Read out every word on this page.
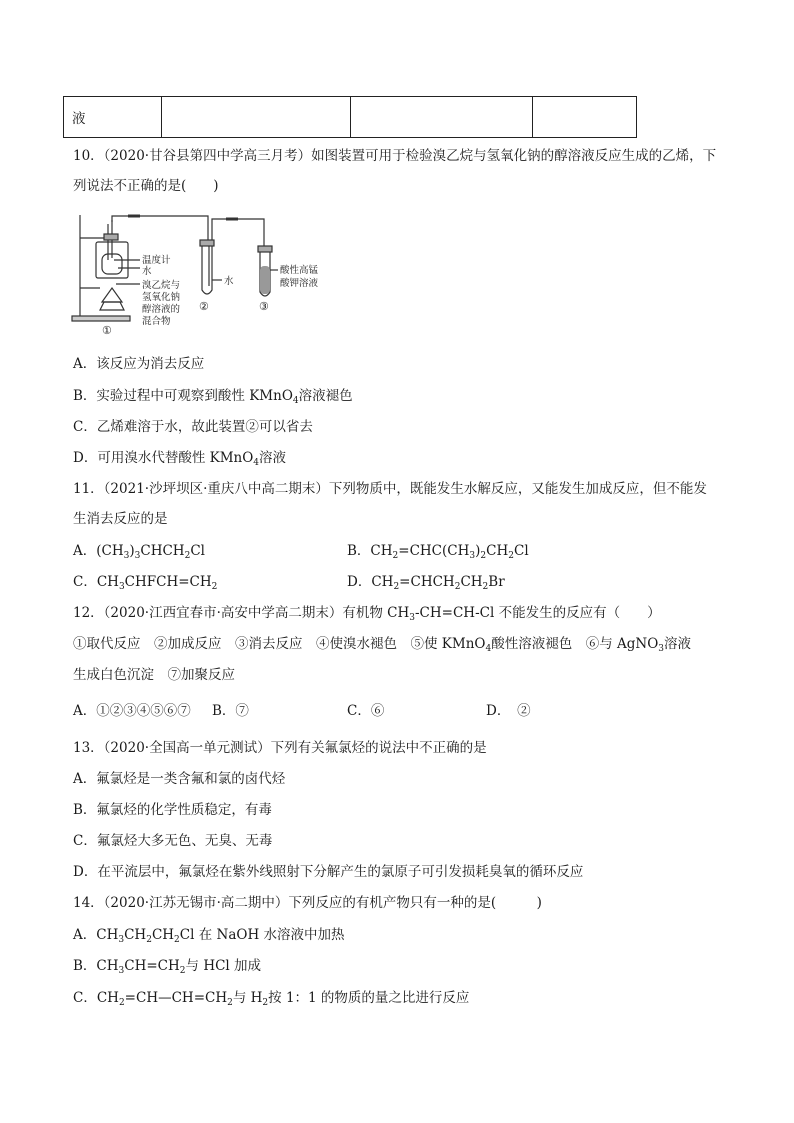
液			
10．（2020·甘谷县第四中学高三月考）如图装置可用于检验溴乙烷与氢氧化钠的醇溶液反应生成的乙烯，下
列说法不正确的是(　　)
温度计
水
溴乙烷与
氢氧化钠
醇溶液的
混合物
水
酸性高锰
酸钾溶液
①
②	③
A．该反应为消去反应
B．实验过程中可观察到酸性 KMnO$_4$溶液褪色
C．乙烯难溶于水，故此装置②可以省去
D．可用溴水代替酸性 KMnO$_4$溶液
11．（2021·沙坪坝区·重庆八中高二期末）下列物质中，既能发生水解反应，又能发生加成反应，但不能发
生消去反应的是
A．$(CH_3)_3CHCH_2Cl$	B．$CH_2=CHC(CH_3)_2CH_2Cl$
C．$CH_3CHFCH=CH_2$	D．$CH_2=CHCH_2CH_2Br$
12．（2020·江西宜春市·高安中学高二期末）有机物 $CH_3-CH=CH-Cl$ 不能发生的反应有（　　）
①取代反应　②加成反应　③消去反应　④使溴水褪色　⑤使 KMnO$_4$酸性溶液褪色　⑥与 AgNO$_3$溶液
生成白色沉淀　⑦加聚反应
A．①②③④⑤⑥⑦ B．⑦	C．⑥	D．　②
13．（2020·全国高一单元测试）下列有关氟氯烃的说法中不正确的是
A．氟氯烃是一类含氟和氯的卤代烃
B．氟氯烃的化学性质稳定，有毒
C．氟氯烃大多无色、无臭、无毒
D．在平流层中，氟氯烃在紫外线照射下分解产生的氯原子可引发损耗臭氧的循环反应
14．（2020·江苏无锡市·高二期中）下列反应的有机产物只有一种的是(　　　)
A．$CH_3CH_2CH_2Cl$ 在 NaOH 水溶液中加热
B．$CH_3CH=CH_2$与 HCl 加成
C．$CH_2=CH—CH=CH_2$与 $H_2$按 1：1 的物质的量之比进行反应
